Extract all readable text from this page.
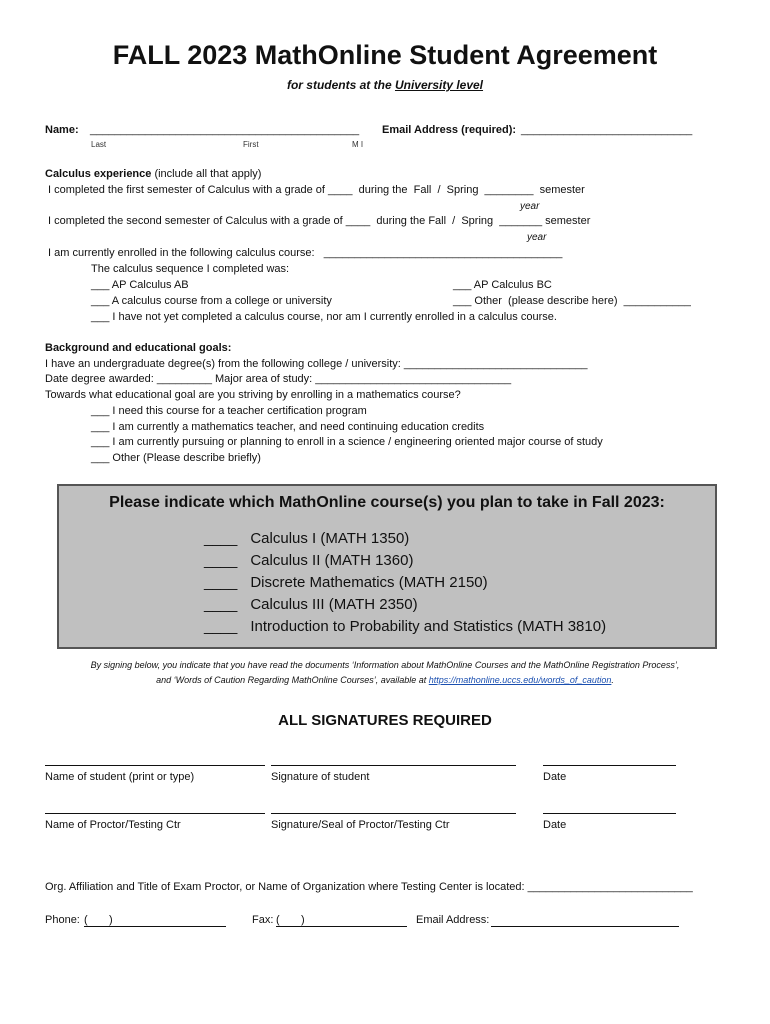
FALL 2023 MathOnline Student Agreement
for students at the University level
Name: ____________________________________________ Email Address (required): ____________________________
Last	First	M I
Calculus experience (include all that apply)
I completed the first semester of Calculus with a grade of ____  during the  Fall  /  Spring  ________  semester
year
I completed the second semester of Calculus with a grade of ____  during the Fall  /  Spring  _______ semester
year
I am currently enrolled in the following calculus course:   _______________________________________
The calculus sequence I completed was:
___ AP Calculus AB	___ AP Calculus BC
___ A calculus course from a college or university	___ Other  (please describe here)  ___________
___ I have not yet completed a calculus course, nor am I currently enrolled in a calculus course.
Background and educational goals:
I have an undergraduate degree(s) from the following college / university: ______________________________
Date degree awarded: _________ Major area of study: ________________________________
Towards what educational goal are you striving by enrolling in a mathematics course?
___ I need this course for a teacher certification program
___ I am currently a mathematics teacher, and need continuing education credits
___ I am currently pursuing or planning to enroll in a science / engineering oriented major course of study
___ Other (Please describe briefly)
Please indicate which MathOnline course(s) you plan to take in Fall 2023:
____ Calculus I (MATH 1350)
____ Calculus II (MATH 1360)
____ Discrete Mathematics (MATH 2150)
____ Calculus III (MATH 2350)
____ Introduction to Probability and Statistics (MATH 3810)
By signing below, you indicate that you have read the documents ‘Information about MathOnline Courses and the MathOnline Registration Process’,
and ‘Words of Caution Regarding MathOnline Courses’, available at https://mathonline.uccs.edu/words_of_caution.
ALL SIGNATURES REQUIRED
Name of student (print or type)	Signature of student	Date
Name of Proctor/Testing Ctr	Signature/Seal of Proctor/Testing Ctr	Date
Org. Affiliation and Title of Exam Proctor, or Name of Organization where Testing Center is located: ___________________________
Phone: (       )	Fax: (       )	Email Address:
